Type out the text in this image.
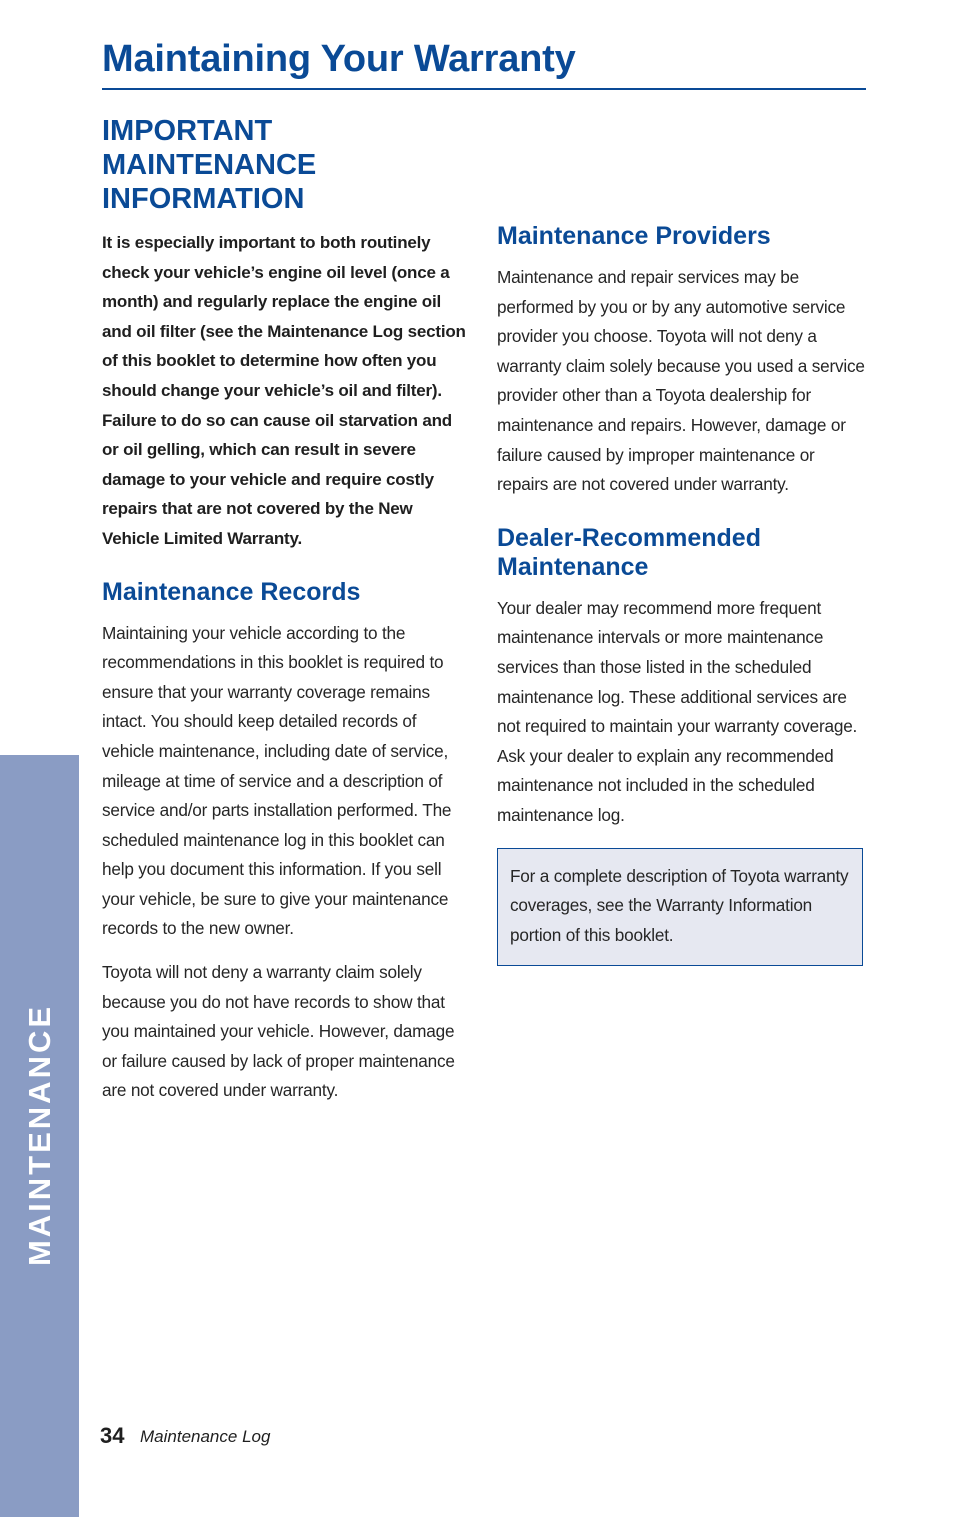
MAINTENANCE
Maintaining Your Warranty
IMPORTANT
MAINTENANCE
INFORMATION

It is especially important to both routinely check your vehicle’s engine oil level (once a month) and regularly replace the engine oil and oil filter (see the Maintenance Log section of this booklet to determine how often you should change your vehicle’s oil and filter). Failure to do so can cause oil starvation and or oil gelling, which can result in severe damage to your vehicle and require costly repairs that are not covered by the New Vehicle Limited Warranty.

Maintenance Records

Maintaining your vehicle according to the recommendations in this booklet is required to ensure that your warranty coverage remains intact. You should keep detailed records of vehicle maintenance, including date of service, mileage at time of service and a description of service and/or parts installation performed. The scheduled maintenance log in this booklet can help you document this information. If you sell your vehicle, be sure to give your maintenance records to the new owner.

Toyota will not deny a warranty claim solely because you do not have records to show that you maintained your vehicle. However, damage or failure caused by lack of proper maintenance are not covered under warranty.

Maintenance Providers

Maintenance and repair services may be performed by you or by any automotive service provider you choose. Toyota will not deny a warranty claim solely because you used a service provider other than a Toyota dealership for maintenance and repairs. However, damage or failure caused by improper maintenance or repairs are not covered under warranty.

Dealer-Recommended Maintenance

Your dealer may recommend more frequent maintenance intervals or more maintenance services than those listed in the scheduled maintenance log. These additional services are not required to maintain your warranty coverage. Ask your dealer to explain any recommended maintenance not included in the scheduled maintenance log.

For a complete description of Toyota warranty coverages, see the Warranty Information portion of this booklet.

34 Maintenance Log
